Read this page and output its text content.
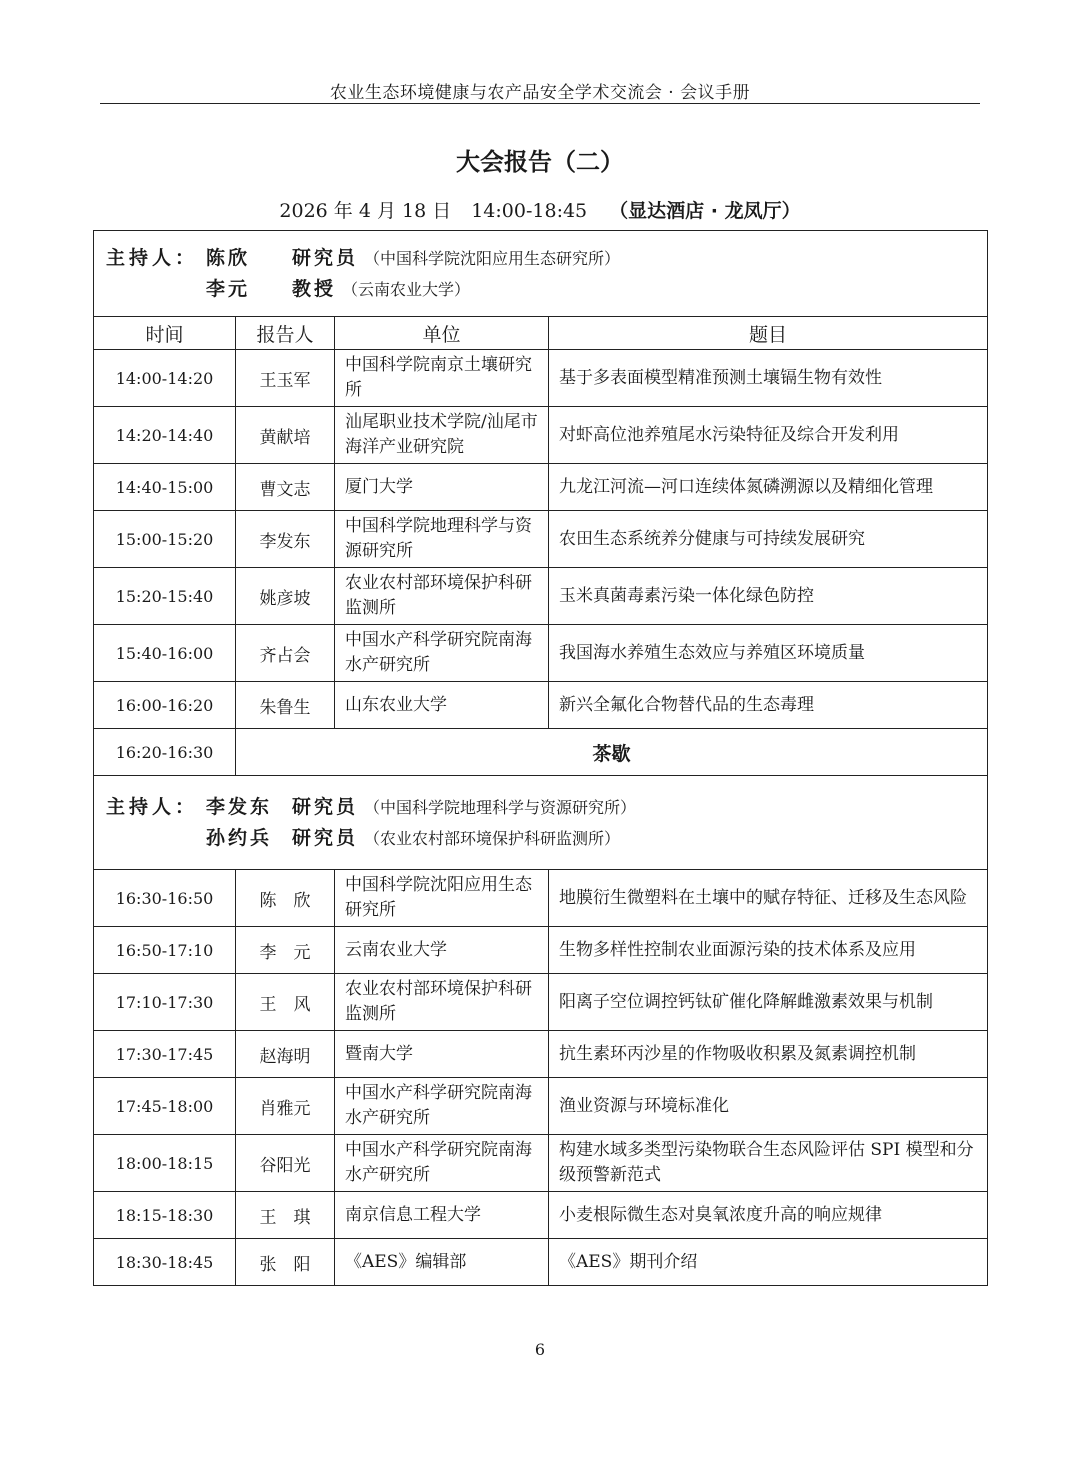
农业生态环境健康与农产品安全学术交流会 · 会议手册
大会报告（二）
2026 年 4 月 18 日 14:00-18:45 （显达酒店 · 龙凤厅）
主持人： 陈欣 研究员 （中国科学院沈阳应用生态研究所）
李元 教授 （云南农业大学）			

时间	报告人	单位	题目
14:00-14:20	王玉军	中国科学院南京土壤研究所	基于多表面模型精准预测土壤镉生物有效性
14:20-14:40	黄献培	汕尾职业技术学院/汕尾市海洋产业研究院	对虾高位池养殖尾水污染特征及综合开发利用
14:40-15:00	曹文志	厦门大学	九龙江河流—河口连续体氮磷溯源以及精细化管理
15:00-15:20	李发东	中国科学院地理科学与资源研究所	农田生态系统养分健康与可持续发展研究
15:20-15:40	姚彦坡	农业农村部环境保护科研监测所	玉米真菌毒素污染一体化绿色防控
15:40-16:00	齐占会	中国水产科学研究院南海水产研究所	我国海水养殖生态效应与养殖区环境质量
16:00-16:20	朱鲁生	山东农业大学	新兴全氟化合物替代品的生态毒理
16:20-16:30	茶歇		

主持人： 李发东 研究员 （中国科学院地理科学与资源研究所）
孙约兵 研究员 （农业农村部环境保护科研监测所）			

16:30-16:50	陈　欣	中国科学院沈阳应用生态研究所	地膜衍生微塑料在土壤中的赋存特征、迁移及生态风险
16:50-17:10	李　元	云南农业大学	生物多样性控制农业面源污染的技术体系及应用
17:10-17:30	王　风	农业农村部环境保护科研监测所	阳离子空位调控钙钛矿催化降解雌激素效果与机制
17:30-17:45	赵海明	暨南大学	抗生素环丙沙星的作物吸收积累及氮素调控机制
17:45-18:00	肖雅元	中国水产科学研究院南海水产研究所	渔业资源与环境标准化
18:00-18:15	谷阳光	中国水产科学研究院南海水产研究所	构建水域多类型污染物联合生态风险评估 SPI 模型和分级预警新范式
18:15-18:30	王　琪	南京信息工程大学	小麦根际微生态对臭氧浓度升高的响应规律
18:30-18:45	张　阳	《AES》编辑部	《AES》期刊介绍
6
